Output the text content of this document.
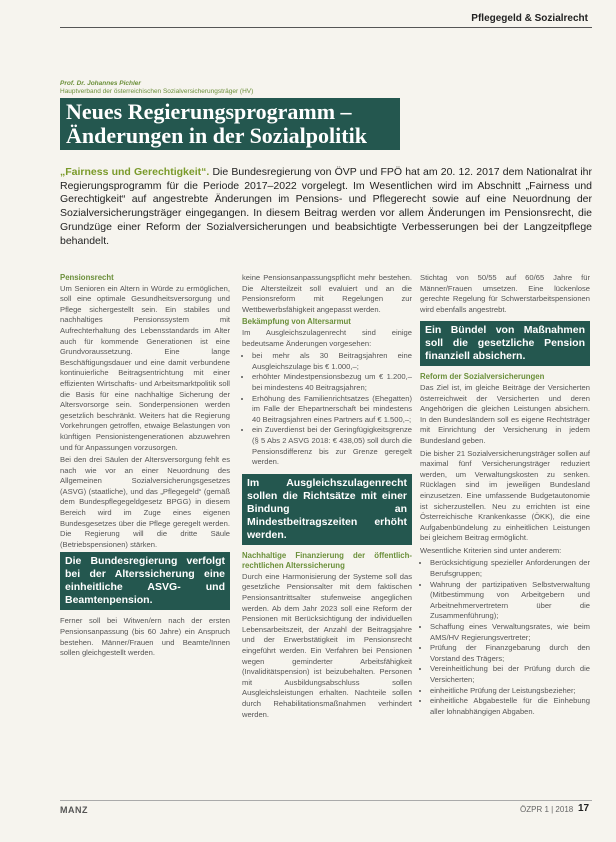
Pflegegeld & Sozialrecht
Prof. Dr. Johannes Pichler
Hauptverband der österreichischen Sozialversicherungsträger (HV)
Neues Regierungsprogramm –
Änderungen in der Sozialpolitik
„Fairness und Gerechtigkeit“. Die Bundesregierung von ÖVP und FPÖ hat am 20. 12. 2017 dem Nationalrat ihr Regierungsprogramm für die Periode 2017–2022 vorgelegt. Im Wesentlichen wird im Abschnitt „Fairness und Gerechtigkeit“ auf angestrebte Änderungen im Pensions- und Pflegerecht sowie auf eine Neuordnung der Sozialversicherungsträger eingegangen. In diesem Beitrag werden vor allem Änderungen im Pensionsrecht, die Grundzüge einer Reform der Sozialversicherungen und beabsichtigte Verbesserungen bei der Langzeitpflege behandelt.
Pensionsrecht

Um Senioren ein Altern in Würde zu ermöglichen, soll eine optimale Gesundheitsversorgung und Pflege sichergestellt sein. Ein stabiles und nachhaltiges Pensionssystem mit Aufrechterhaltung des Lebensstandards im Alter auch für kommende Generationen ist eine Grundvoraussetzung. Eine lange Beschäftigungsdauer und eine damit verbundene kontinuierliche Beitragsentrichtung mit einer effizienten Wirtschafts- und Arbeitsmarktpolitik soll die Basis für eine nachhaltige Sicherung der Altersvorsorge sein. Sonderpensionen werden gesetzlich beschränkt. Weiters hat die Regierung Vorkehrungen getroffen, etwaige Belastungen von künftigen Pensionistengenerationen abzuwehren und für Anpassungen vorzusorgen.

Bei den drei Säulen der Altersversorgung fehlt es nach wie vor an einer Neuordnung des Allgemeinen Sozialversicherungsgesetzes (ASVG) (staatliche), und das „Pflegegeld“ (gemäß dem Bundespflegegeldgesetz BPGG) in diesem Bereich wird im Zuge eines eigenen Bundesgesetzes über die Pflege geregelt werden. Die Regierung will die dritte Säule (Betriebspensionen) stärken.

Die Bundesregierung verfolgt bei der Alterssicherung eine einheitliche ASVG- und Beamtenpension.

Ferner soll bei Witwen/ern nach der ersten Pensionsanpassung (bis 60 Jahre) ein Anspruch bestehen. Männer/Frauen und Beamte/Innen sollen gleichgestellt werden.

keine Pensionsanpassungspflicht mehr bestehen. Die Altersteilzeit soll evaluiert und an die Pensionsreform mit Regelungen zur Wettbewerbsfähigkeit angepasst werden.

Bekämpfung von Altersarmut

Im Ausgleichszulagenrecht sind einige bedeutsame Änderungen vorgesehen:

• bei mehr als 30 Beitragsjahren eine Ausgleichszulage bis € 1.000,–;
• erhöhter Mindestpensionsbezug um € 1.200,– bei mindestens 40 Beitragsjahren;
• Erhöhung des Familienrichtsatzes (Ehegatten) im Falle der Ehepartnerschaft bei mindestens 40 Beitragsjahren eines Partners auf € 1.500,–;
• ein Zuverdienst bei der Geringfügigkeitsgrenze (§ 5 Abs 2 ASVG 2018: € 438,05) soll durch die Pensionsdifferenz bis zur Grenze geregelt werden.
Im Ausgleichszulagenrecht sollen die Richtsätze mit einer Bindung an Mindestbeitragszeiten erhöht werden.
Nachhaltige Finanzierung der öffentlich-rechtlichen Alterssicherung

Durch eine Harmonisierung der Systeme soll das gesetzliche Pensionsalter mit dem faktischen Pensionsantrittsalter stufenweise angeglichen werden. Ab dem Jahr 2023 soll eine Reform der Pensionen mit Berücksichtigung der individuellen Lebensarbeitszeit, der Anzahl der Beitragsjahre und der Erwerbstätigkeit im Pensionsrecht eingeführt werden. Ein Verfahren bei Pensionen wegen geminderter Arbeitsfähigkeit (Invaliditätspension) ist beizubehalten. Personen mit Ausbildungsabschluss sollen Ausgleichsleistungen erhalten. Nachteile sollen durch Rehabilitationsmaßnahmen verhindert werden.

Stichtag von 50/55 auf 60/65 Jahre für Männer/Frauen umsetzen. Eine lückenlose gerechte Regelung für Schwerstarbeitspensionen wird ebenfalls angestrebt.

Ein Bündel von Maßnahmen soll die gesetzliche Pension finanziell absichern.
Reform der Sozialversicherungen

Das Ziel ist, im gleiche Beiträge der Versicherten österreichweit der Versicherten und deren Angehörigen die gleichen Leistungen absichern. In den Bundesländern soll es eigene Rechtsträger mit Einrichtung der Versicherung in jedem Bundesland geben.

Die bisher 21 Sozialversicherungsträger sollen auf maximal fünf Versicherungsträger reduziert werden, um Verwaltungskosten zu senken. Rücklagen sind im jeweiligen Bundesland einzusetzen. Eine umfassende Budgetautonomie ist sicherzustellen. Neu zu errichten ist eine Österreichische Krankenkasse (ÖKK), die eine Aufgabenbündelung zu einheitlichen Leistungen bei gleichem Beitrag ermöglicht.

Wesentliche Kriterien sind unter anderem:

• Berücksichtigung spezieller Anforderungen der Berufsgruppen;
• Wahrung der partizipativen Selbstverwaltung (Mitbestimmung von Arbeitgebern und Arbeitnehmervertretern über die Zusammenführung);
• Schaffung eines Verwaltungsrates, wie beim AMS/HV Regierungsvertreter;
• Prüfung der Finanzgebarung durch den Vorstand des Trägers;
• Vereinheitlichung bei der Prüfung durch die Versicherten;
• einheitliche Prüfung der Leistungsbezieher;
• einheitliche Abgabestelle für die Einhebung aller lohnabhängigen Abgaben.
MANZ	ÖZPR 1 | 2018 17
